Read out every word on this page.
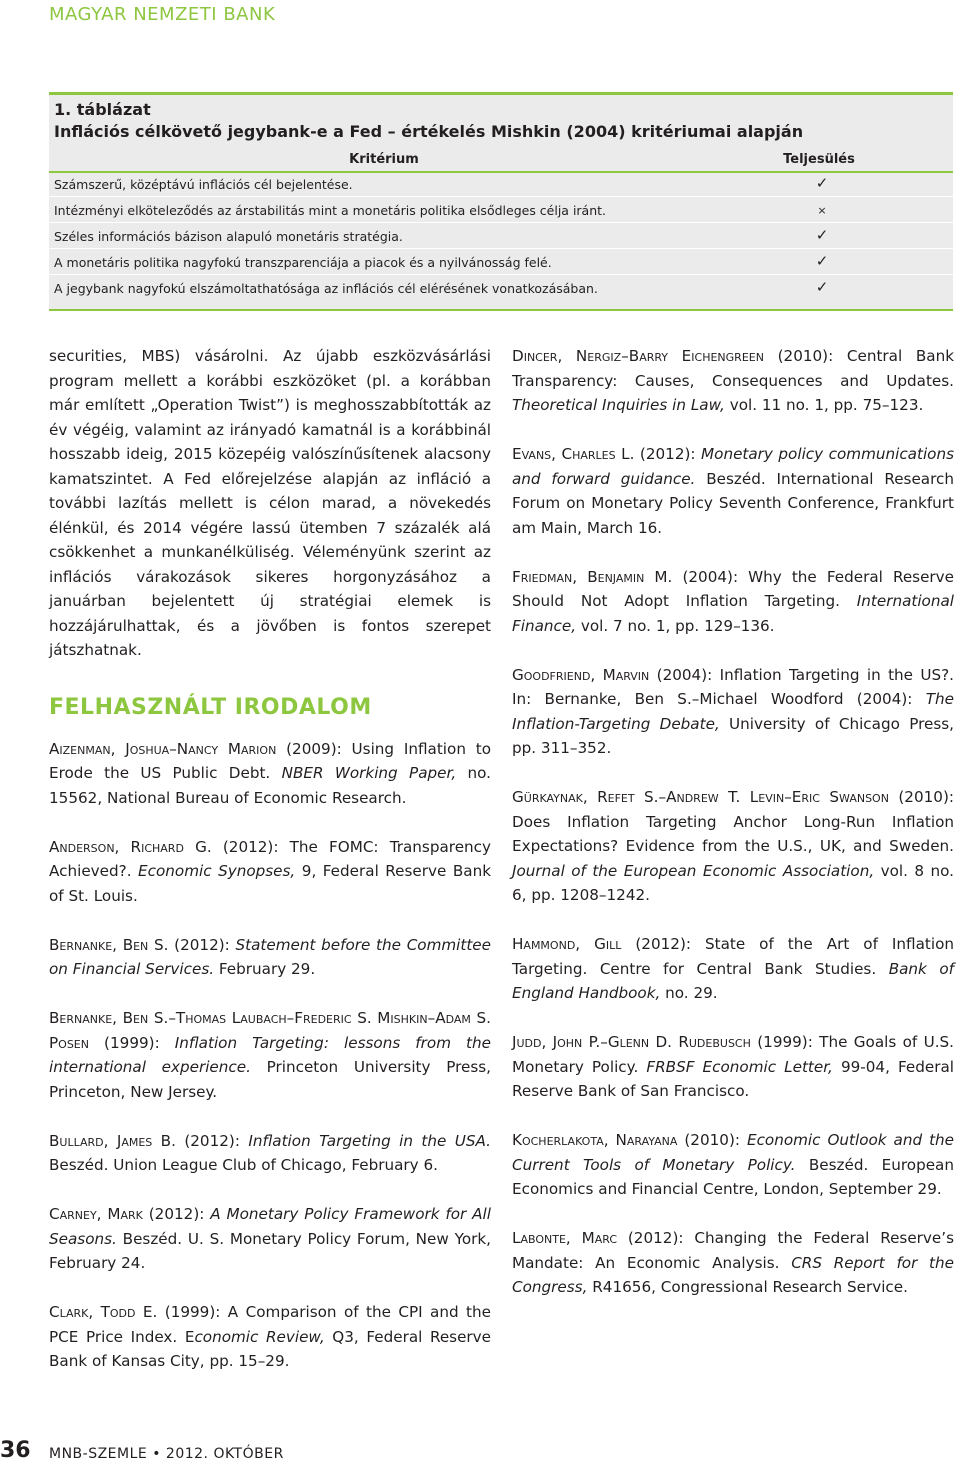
MAGYAR NEMZETI BANK
1. táblázat
Inflációs célkövető jegybank-e a Fed – értékelés Mishkin (2004) kritériumai alapján
Kritérium	Teljesülés
Számszerű, középtávú inflációs cél bejelentése.	✓
Intézményi elköteleződés az árstabilitás mint a monetáris politika elsődleges célja iránt.	×
Széles információs bázison alapuló monetáris stratégia.	✓
A monetáris politika nagyfokú transzparenciája a piacok és a nyilvánosság felé.	✓
A jegybank nagyfokú elszámoltathatósága az inflációs cél elérésének vonatkozásában.	✓

securities, MBS) vásárolni. Az újabb eszközvásárlási program mellett a korábbi eszközöket (pl. a korábban már említett „Operation Twist”) is meghosszabbították az év végéig, valamint az irányadó kamatnál is a korábbinál hosszabb ideig, 2015 közepéig valószínűsítenek alacsony kamatszintet. A Fed előrejelzése alapján az infláció a további lazítás mellett is célon marad, a növekedés élénkül, és 2014 végére lassú ütemben 7 százalék alá csökkenhet a munkanélküliség. Véleményünk szerint az inflációs várakozások sikeres horgonyzásához a januárban bejelentett új stratégiai elemek is hozzájárulhattak, és a jövőben is fontos szerepet játszhatnak.

FELHASZNÁLT IRODALOM

Aizenman, Joshua–Nancy Marion (2009): Using Inflation to Erode the US Public Debt. NBER Working Paper, no. 15562, National Bureau of Economic Research.

Anderson, Richard G. (2012): The FOMC: Transparency Achieved?. Economic Synopses, 9, Federal Reserve Bank of St. Louis.

Bernanke, Ben S. (2012): Statement before the Committee on Financial Services. February 29.

Bernanke, Ben S.–Thomas Laubach–Frederic S. Mishkin–Adam S. Posen (1999): Inflation Targeting: lessons from the international experience. Princeton University Press, Princeton, New Jersey.

Bullard, James B. (2012): Inflation Targeting in the USA. Beszéd. Union League Club of Chicago, February 6.

Carney, Mark (2012): A Monetary Policy Framework for All Seasons. Beszéd. U. S. Monetary Policy Forum, New York, February 24.

Clark, Todd E. (1999): A Comparison of the CPI and the PCE Price Index. Economic Review, Q3, Federal Reserve Bank of Kansas City, pp. 15–29.

Dincer, Nergiz–Barry Eichengreen (2010): Central Bank Transparency: Causes, Consequences and Updates. Theoretical Inquiries in Law, vol. 11 no. 1, pp. 75–123.

Evans, Charles L. (2012): Monetary policy communications and forward guidance. Beszéd. International Research Forum on Monetary Policy Seventh Conference, Frankfurt am Main, March 16.

Friedman, Benjamin M. (2004): Why the Federal Reserve Should Not Adopt Inflation Targeting. International Finance, vol. 7 no. 1, pp. 129–136.

Goodfriend, Marvin (2004): Inflation Targeting in the US?. In: Bernanke, Ben S.–Michael Woodford (2004): The Inflation-Targeting Debate, University of Chicago Press, pp. 311–352.

Gürkaynak, Refet S.–Andrew T. Levin–Eric Swanson (2010): Does Inflation Targeting Anchor Long-Run Inflation Expectations? Evidence from the U.S., UK, and Sweden. Journal of the European Economic Association, vol. 8 no. 6, pp. 1208–1242.

Hammond, Gill (2012): State of the Art of Inflation Targeting. Centre for Central Bank Studies. Bank of England Handbook, no. 29.

Judd, John P.–Glenn D. Rudebusch (1999): The Goals of U.S. Monetary Policy. FRBSF Economic Letter, 99-04, Federal Reserve Bank of San Francisco.

Kocherlakota, Narayana (2010): Economic Outlook and the Current Tools of Monetary Policy. Beszéd. European Economics and Financial Centre, London, September 29.

Labonte, Marc (2012): Changing the Federal Reserve’s Mandate: An Economic Analysis. CRS Report for the Congress, R41656, Congressional Research Service.

36 MNB-SZEMLE • 2012. OKTÓBER
